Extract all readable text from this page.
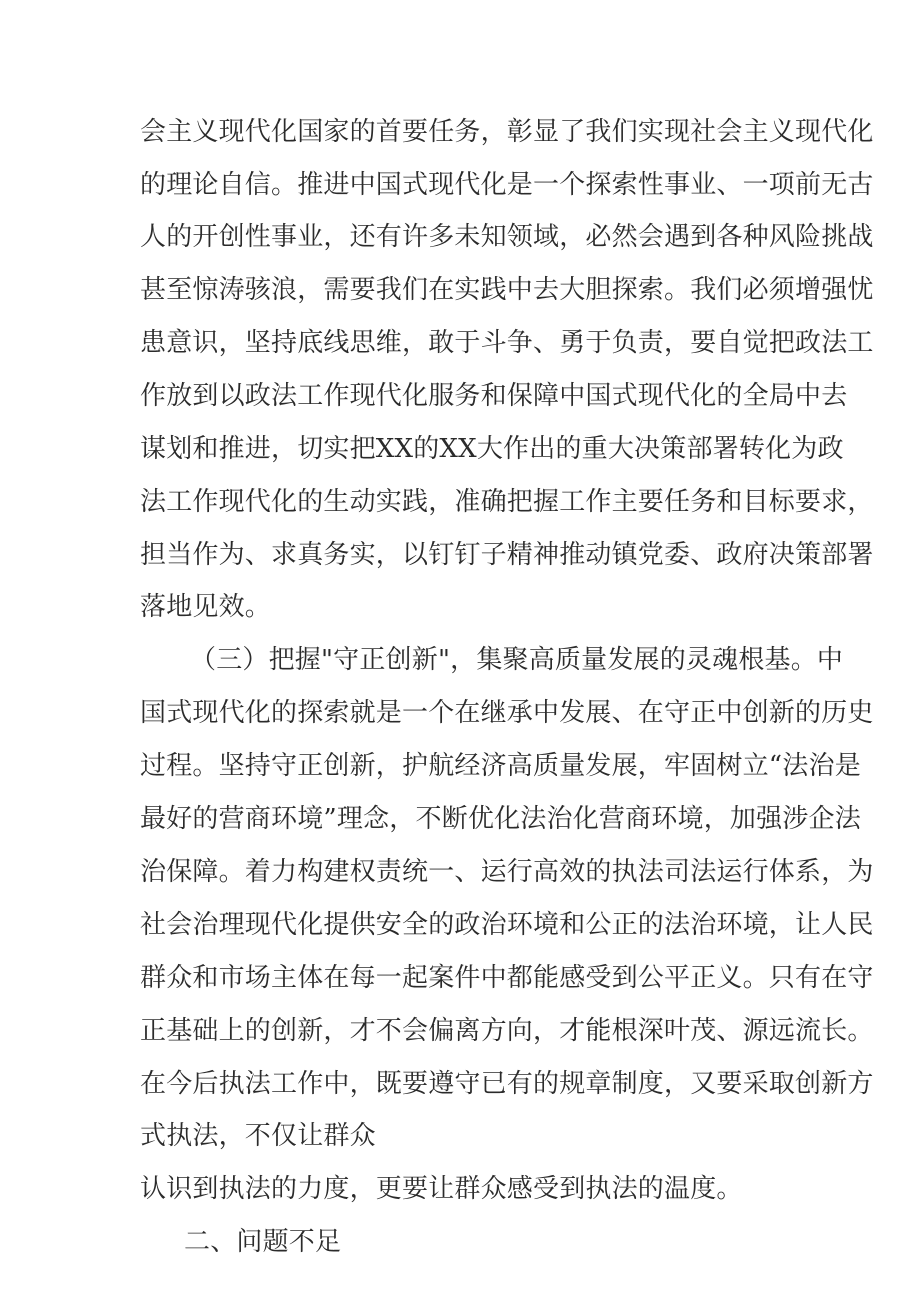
会主义现代化国家的首要任务，彰显了我们实现社会主义现代化
的理论自信。推进中国式现代化是一个探索性事业、一项前无古
人的开创性事业，还有许多未知领域，必然会遇到各种风险挑战
甚至惊涛骇浪，需要我们在实践中去大胆探索。我们必须增强忧
患意识，坚持底线思维，敢于斗争、勇于负责，要自觉把政法工
作放到以政法工作现代化服务和保障中国式现代化的全局中去
谋划和推进，切实把XX的XX大作出的重大决策部署转化为政
法工作现代化的生动实践，准确把握工作主要任务和目标要求，
担当作为、求真务实，以钉钉子精神推动镇党委、政府决策部署
落地见效。
（三）把握"守正创新"，集聚高质量发展的灵魂根基。中
国式现代化的探索就是一个在继承中发展、在守正中创新的历史
过程。坚持守正创新，护航经济高质量发展，牢固树立“法治是
最好的营商环境”理念，不断优化法治化营商环境，加强涉企法
治保障。着力构建权责统一、运行高效的执法司法运行体系，为
社会治理现代化提供安全的政治环境和公正的法治环境，让人民
群众和市场主体在每一起案件中都能感受到公平正义。只有在守
正基础上的创新，才不会偏离方向，才能根深叶茂、源远流长。
在今后执法工作中，既要遵守已有的规章制度，又要采取创新方
式执法，不仅让群众
认识到执法的力度，更要让群众感受到执法的温度。
二、问题不足
